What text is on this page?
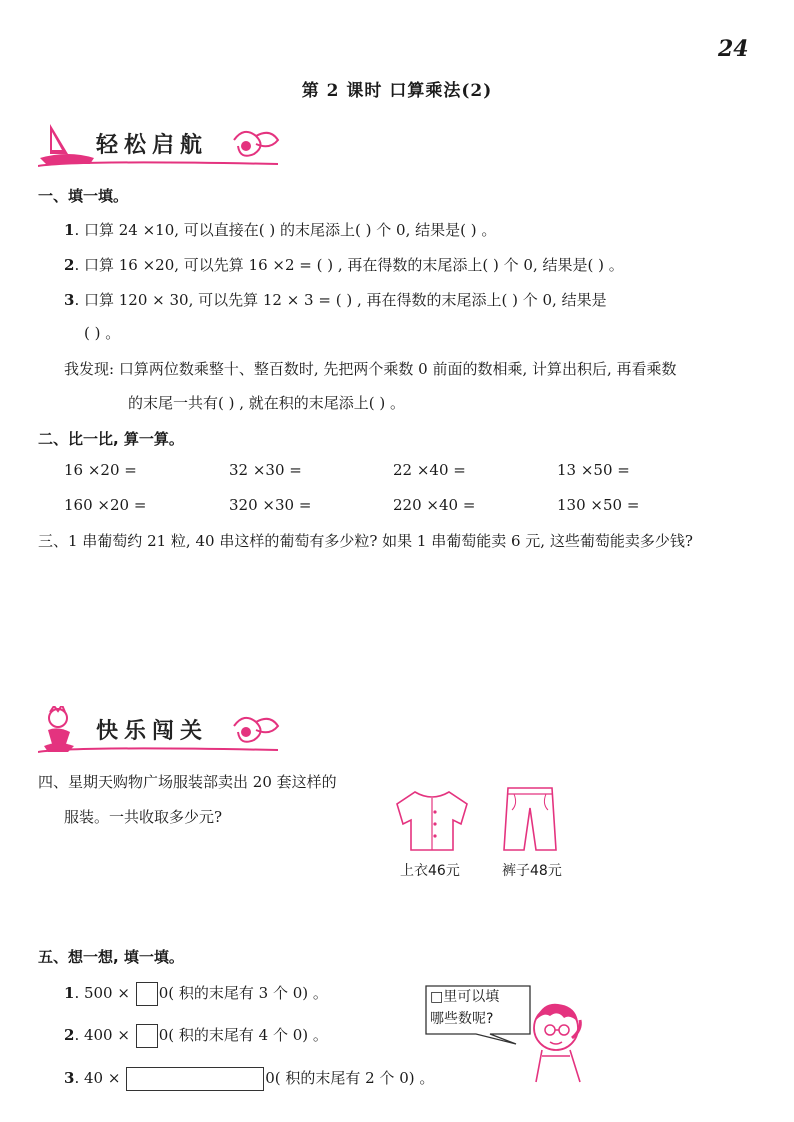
24
第 2 课时 口算乘法(2)
轻松启航
一、填一填。
1. 口算 24 ×10, 可以直接在( ) 的末尾添上( ) 个 0, 结果是( ) 。
2. 口算 16 ×20, 可以先算 16 ×2 = ( ) , 再在得数的末尾添上( ) 个 0, 结果是( ) 。
3. 口算 120 × 30, 可以先算 12 × 3 = ( ) , 再在得数的末尾添上( ) 个 0, 结果是
( ) 。
我发现: 口算两位数乘整十、整百数时, 先把两个乘数 0 前面的数相乘, 计算出积后, 再看乘数
的末尾一共有( ) , 就在积的末尾添上( ) 。
二、比一比, 算一算。
16 ×20 =	32 ×30 =	22 ×40 =	13 ×50 =
160 ×20 =	320 ×30 =	220 ×40 =	130 ×50 =
三、1 串葡萄约 21 粒, 40 串这样的葡萄有多少粒? 如果 1 串葡萄能卖 6 元, 这些葡萄能卖多少钱?
快乐闯关
四、星期天购物广场服装部卖出 20 套这样的
服装。一共收取多少元?
上衣46元	裤子48元
五、想一想, 填一填。
1. 500 × 0( 积的末尾有 3 个 0) 。
2. 400 × 0( 积的末尾有 4 个 0) 。
3. 40 ×	0( 积的末尾有 2 个 0) 。
□里可以填
哪些数呢?
